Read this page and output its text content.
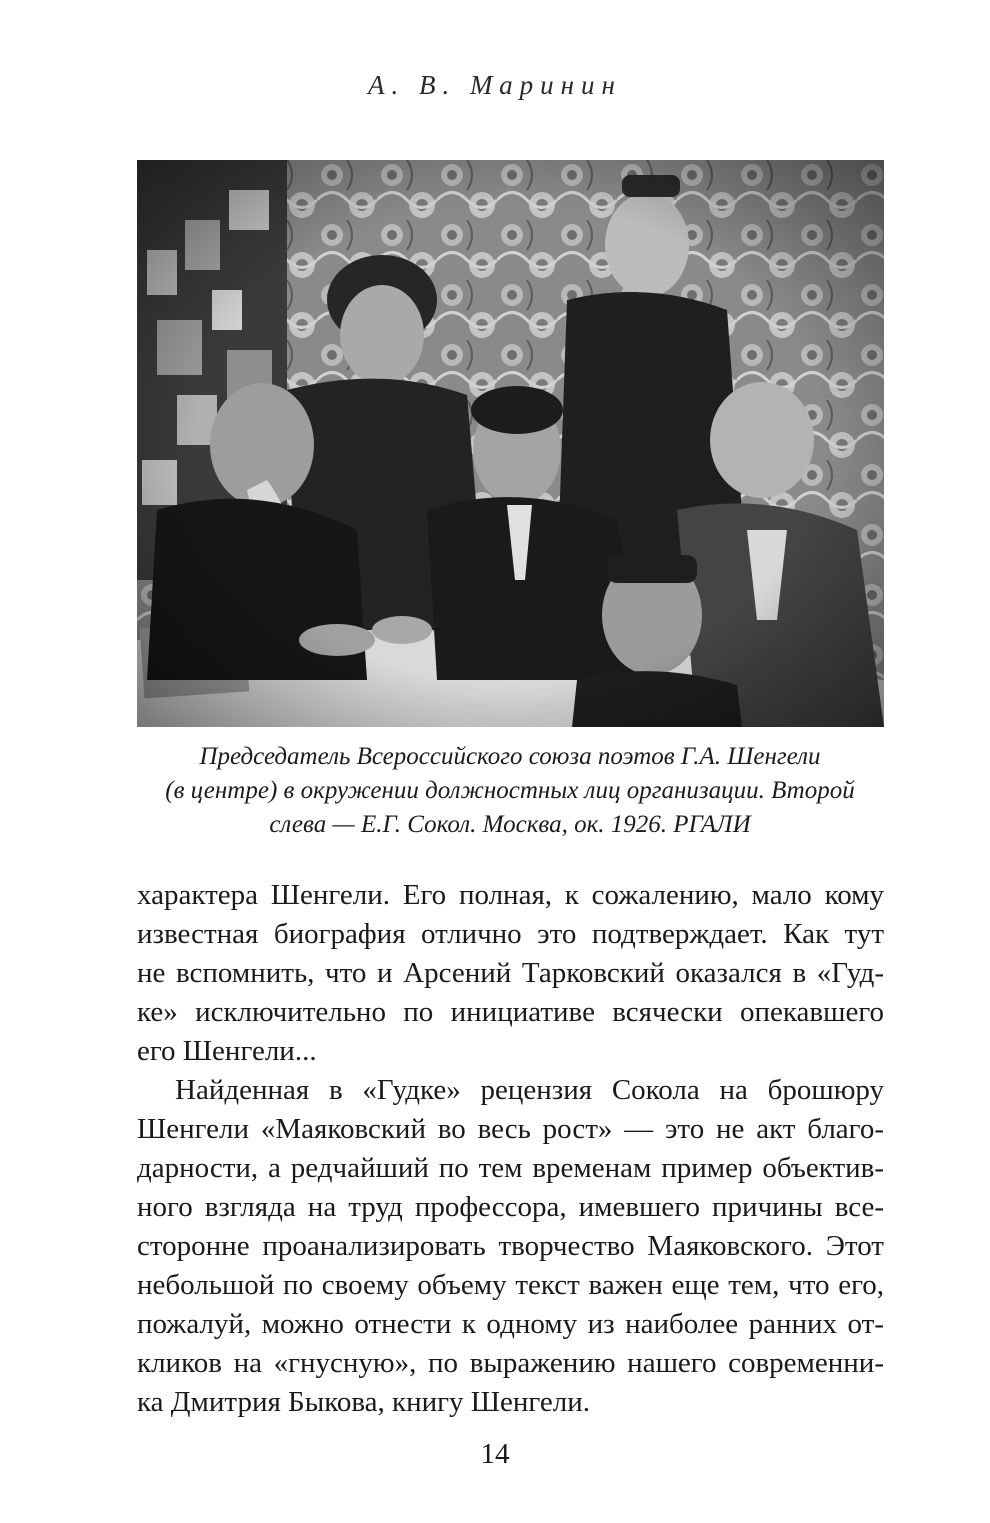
А. В. Маринин
Председатель Всероссийского союза поэтов Г.А. Шенгели
(в центре) в окружении должностных лиц организации. Второй
слева — Е.Г. Сокол. Москва, ок. 1926. РГАЛИ
характера Шенгели. Его полная, к сожалению, мало кому
известная биография отлично это подтверждает. Как тут
не вспомнить, что и Арсений Тарковский оказался в «Гуд-
ке» исключительно по инициативе всячески опекавшего
его Шенгели...
Найденная в «Гудке» рецензия Сокола на брошюру
Шенгели «Маяковский во весь рост» — это не акт благо-
дарности, а редчайший по тем временам пример объектив-
ного взгляда на труд профессора, имевшего причины все-
сторонне проанализировать творчество Маяковского. Этот
небольшой по своему объему текст важен еще тем, что его,
пожалуй, можно отнести к одному из наиболее ранних от-
кликов на «гнусную», по выражению нашего современни-
ка Дмитрия Быкова, книгу Шенгели.
14
